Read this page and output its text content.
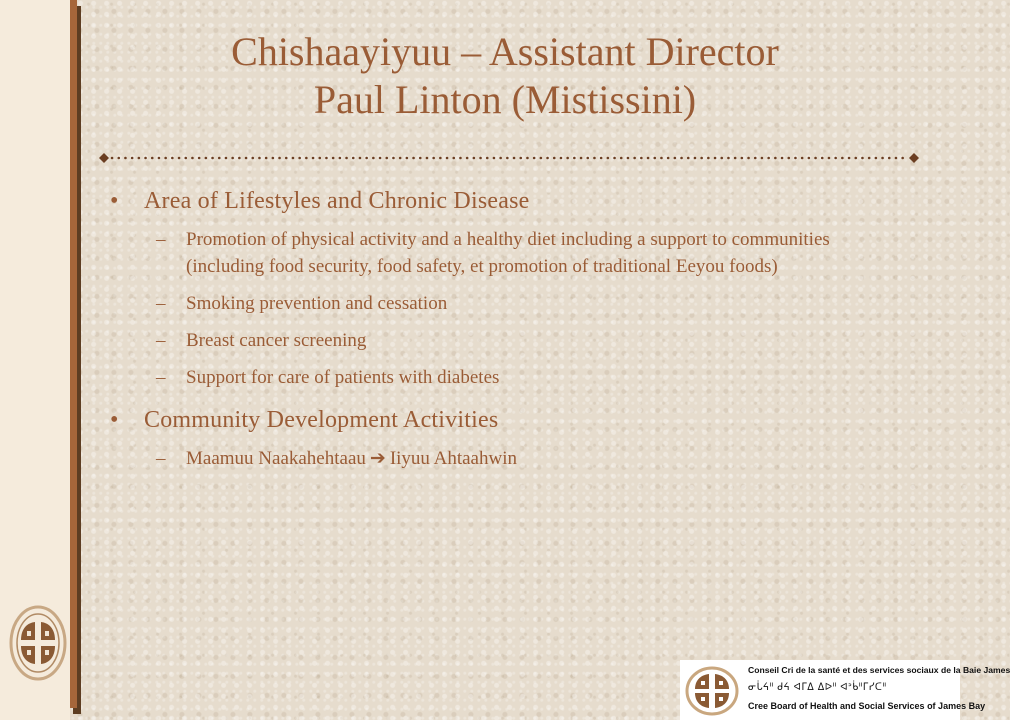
Chishaayiyuu – Assistant Director
Paul Linton (Mistissini)
•	Area of Lifestyles and Chronic Disease
–	Promotion of physical activity and a healthy diet including a support to communities (including food security, food safety, et promotion of traditional Eeyou foods)
–	Smoking prevention and cessation
–	Breast cancer screening
–	Support for care of patients with diabetes
•	Community Development Activities
–	Maamuu Naakahehtaau ➔ Iiyuu Ahtaahwin
Conseil Cri de la santé et des services sociaux de la Baie James
ᓂᒑᔦᐦ ᑯᔦ ᐊᒥᐃ ᐃᐅᐦ ᐊᐣᑳᐦᒥᓯᑕᐦ
Cree Board of Health and Social Services of James Bay
